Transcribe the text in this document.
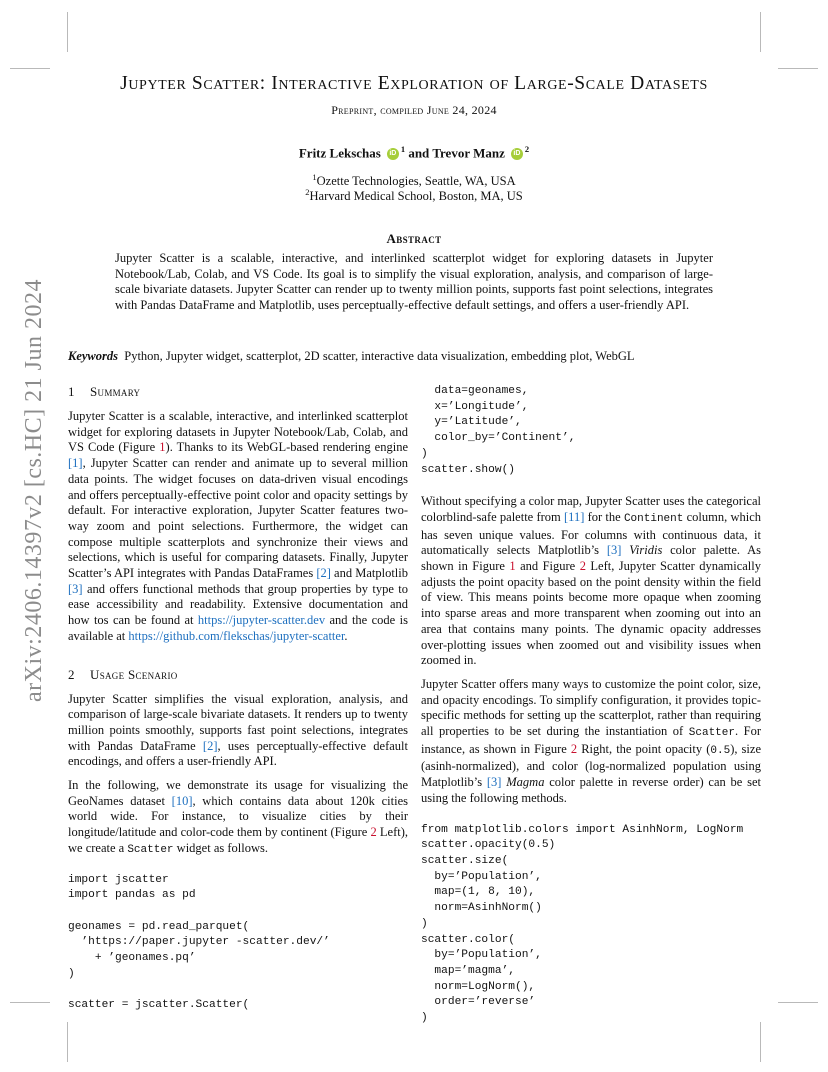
arXiv:2406.14397v2 [cs.HC] 21 Jun 2024
Jupyter Scatter: Interactive Exploration of Large-Scale Datasets
Preprint, compiled June 24, 2024
Fritz Lekschas iD $^1$ and Trevor Manz iD $^2$
$^1$Ozette Technologies, Seattle, WA, USA
$^2$Harvard Medical School, Boston, MA, US
Abstract

Jupyter Scatter is a scalable, interactive, and interlinked scatterplot widget for exploring datasets in Jupyter Notebook/Lab, Colab, and VS Code. Its goal is to simplify the visual exploration, analysis, and comparison of large-scale bivariate datasets. Jupyter Scatter can render up to twenty million points, supports fast point selections, integrates with Pandas DataFrame and Matplotlib, uses perceptually-effective default settings, and offers a user-friendly API.

Keywords Python, Jupyter widget, scatterplot, 2D scatter, interactive data visualization, embedding plot, WebGL
1 Summary

Jupyter Scatter is a scalable, interactive, and interlinked scatterplot widget for exploring datasets in Jupyter Notebook/Lab, Colab, and VS Code (Figure 1). Thanks to its WebGL-based rendering engine [1], Jupyter Scatter can render and animate up to several million data points. The widget focuses on data-driven visual encodings and offers perceptually-effective point color and opacity settings by default. For interactive exploration, Jupyter Scatter features two-way zoom and point selections. Furthermore, the widget can compose multiple scatterplots and synchronize their views and selections, which is useful for comparing datasets. Finally, Jupyter Scatter’s API integrates with Pandas DataFrames [2] and Matplotlib [3] and offers functional methods that group properties by type to ease accessibility and readability. Extensive documentation and how tos can be found at https://jupyter-scatter.dev and the code is available at https://github.com/flekschas/jupyter-scatter.

2 Usage Scenario

Jupyter Scatter simplifies the visual exploration, analysis, and comparison of large-scale bivariate datasets. It renders up to twenty million points smoothly, supports fast point selections, integrates with Pandas DataFrame [2], uses perceptually-effective default encodings, and offers a user-friendly API.

In the following, we demonstrate its usage for visualizing the GeoNames dataset [10], which contains data about 120k cities world wide. For instance, to visualize cities by their longitude/latitude and color-code them by continent (Figure 2 Left), we create a Scatter widget as follows.

import jscatter
import pandas as pd

geonames = pd.read_parquet(
’https://paper.jupyter -scatter.dev/’
+ ’geonames.pq’
)

scatter = jscatter.Scatter(
data=geonames,
x=’Longitude’,
y=’Latitude’,
color_by=’Continent’,
)
scatter.show()

Without specifying a color map, Jupyter Scatter uses the categorical colorblind-safe palette from [11] for the Continent column, which has seven unique values. For columns with continuous data, it automatically selects Matplotlib’s [3] Viridis color palette. As shown in Figure 1 and Figure 2 Left, Jupyter Scatter dynamically adjusts the point opacity based on the point density within the field of view. This means points become more opaque when zooming into sparse areas and more transparent when zooming out into an area that contains many points. The dynamic opacity addresses over-plotting issues when zoomed out and visibility issues when zoomed in.

Jupyter Scatter offers many ways to customize the point color, size, and opacity encodings. To simplify configuration, it provides topic-specific methods for setting up the scatterplot, rather than requiring all properties to be set during the instantiation of Scatter. For instance, as shown in Figure 2 Right, the point opacity (0.5), size (asinh-normalized), and color (log-normalized population using Matplotlib’s [3] Magma color palette in reverse order) can be set using the following methods.

from matplotlib.colors import AsinhNorm, LogNorm
scatter.opacity(0.5)
scatter.size(
by=’Population’,
map=(1, 8, 10),
norm=AsinhNorm()
)
scatter.color(
by=’Population’,
map=’magma’,
norm=LogNorm(),
order=’reverse’
)
